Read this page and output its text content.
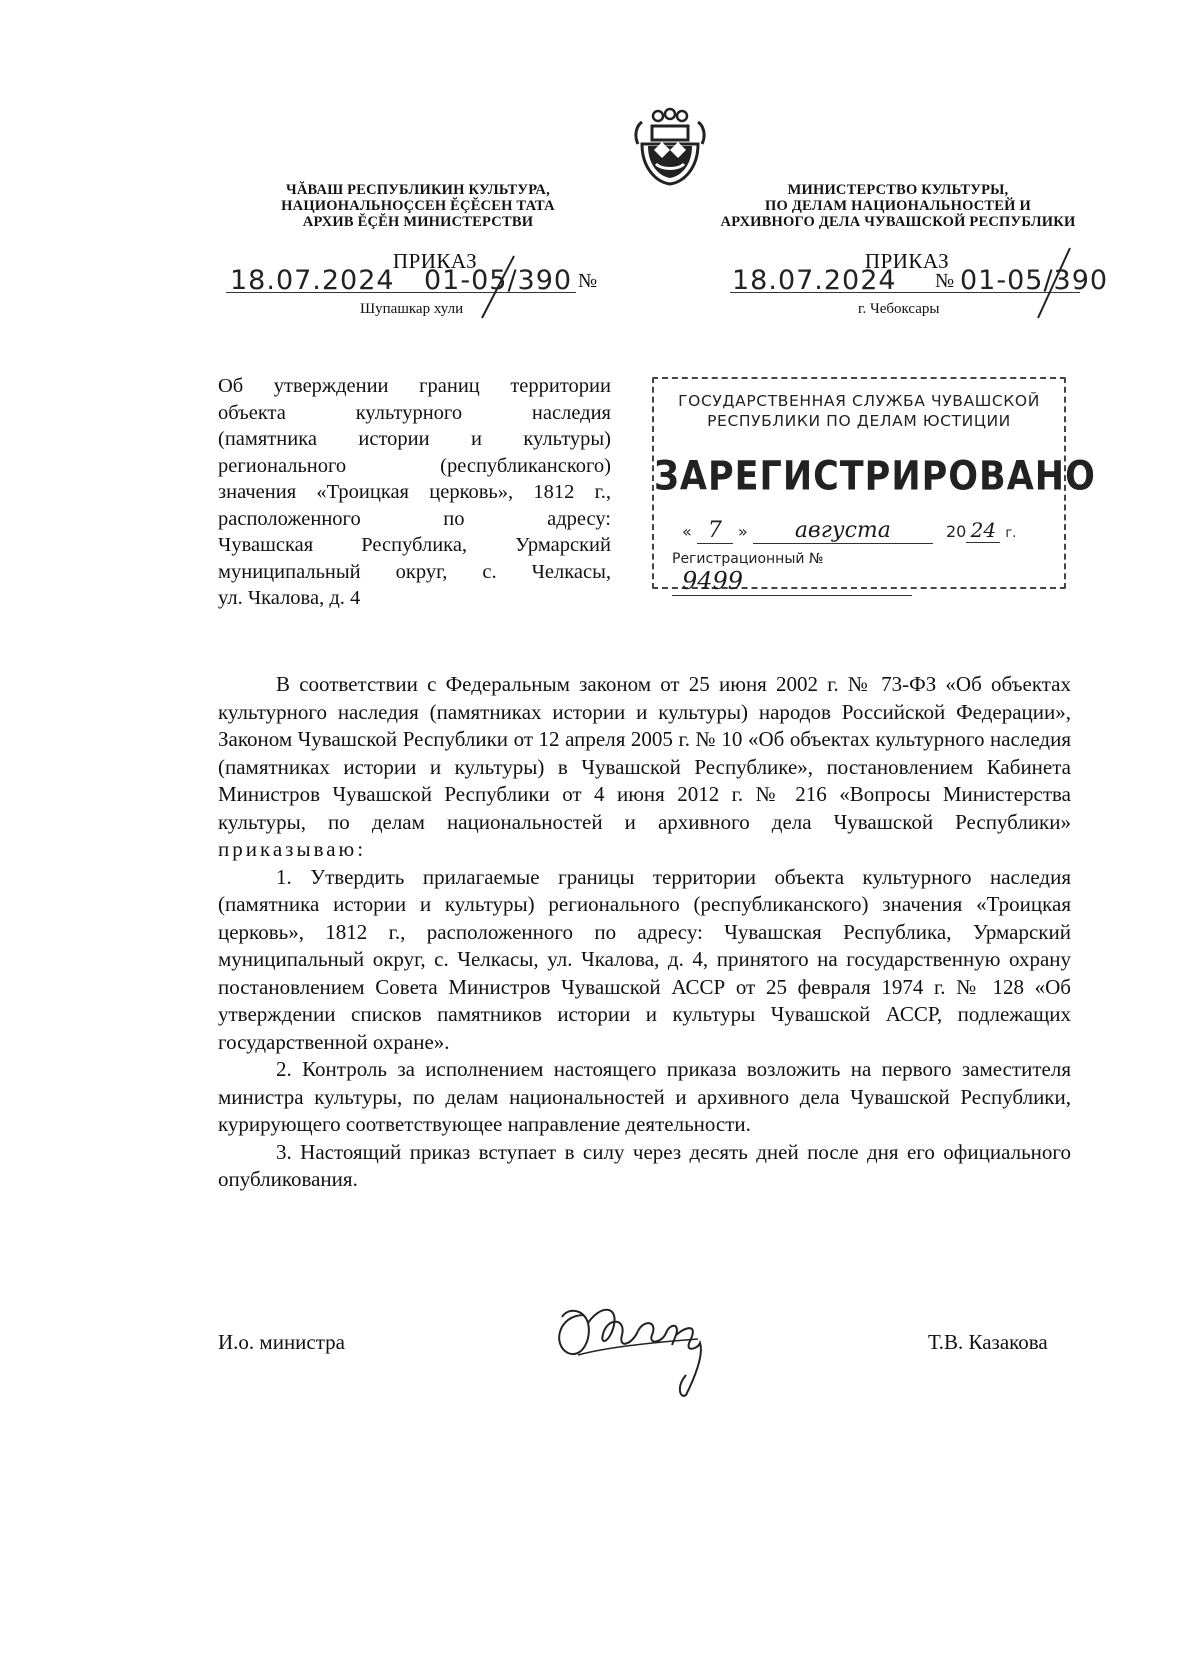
ЧĂВАШ РЕСПУБЛИКИН КУЛЬТУРА,
НАЦИОНАЛЬНОÇСЕН ĔÇĔСЕН ТАТА
АРХИВ ĔÇĔН МИНИСТЕРСТВИ
МИНИСТЕРСТВО КУЛЬТУРЫ,
ПО ДЕЛАМ НАЦИОНАЛЬНОСТЕЙ И
АРХИВНОГО ДЕЛА ЧУВАШСКОЙ РЕСПУБЛИКИ
ПРИКАЗ	ПРИКАЗ
18.07.2024 01-05/390 №	18.07.2024 № 01-05/390
Шупашкар хули	г. Чебоксары
Об утверждении границ территории
объекта культурного наследия
(памятника истории и культуры)
регионального (республиканского)
значения «Троицкая церковь», 1812 г.,
расположенного по адресу:
Чувашская Республика, Урмарский
муниципальный округ, с. Челкасы,
ул. Чкалова, д. 4
ГОСУДАРСТВЕННАЯ СЛУЖБА ЧУВАШСКОЙ
РЕСПУБЛИКИ ПО ДЕЛАМ ЮСТИЦИИ
ЗАРЕГИСТРИРОВАНО
« 7 » августа	20 24 г.
Регистрационный № 9499

В соответствии с Федеральным законом от 25 июня 2002 г. № 73-ФЗ «Об объектах культурного наследия (памятниках истории и культуры) народов Российской Федерации», Законом Чувашской Республики от 12 апреля 2005 г. № 10 «Об объектах культурного наследия (памятниках истории и культуры) в Чувашской Республике», постановлением Кабинета Министров Чувашской Республики от 4 июня 2012 г. № 216 «Вопросы Министерства культуры, по делам национальностей и архивного дела Чувашской Республики» приказываю:

1. Утвердить прилагаемые границы территории объекта культурного наследия (памятника истории и культуры) регионального (республиканского) значения «Троицкая церковь», 1812 г., расположенного по адресу: Чувашская Республика, Урмарский муниципальный округ, с. Челкасы, ул. Чкалова, д. 4, принятого на государственную охрану постановлением Совета Министров Чувашской АССР от 25 февраля 1974 г. № 128 «Об утверждении списков памятников истории и культуры Чувашской АССР, подлежащих государственной охране».

2. Контроль за исполнением настоящего приказа возложить на первого заместителя министра культуры, по делам национальностей и архивного дела Чувашской Республики, курирующего соответствующее направление деятельности.

3. Настоящий приказ вступает в силу через десять дней после дня его официального опубликования.

И.о. министра	Т.В. Казакова
